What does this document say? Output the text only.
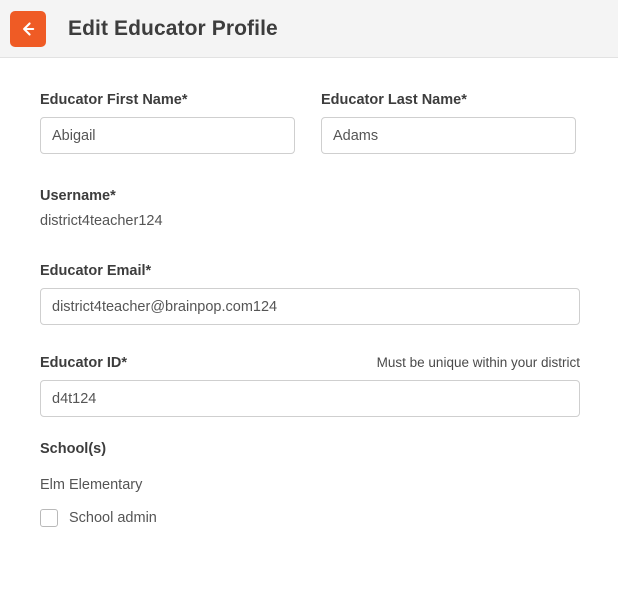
Edit Educator Profile
Educator First Name*
Abigail	Educator Last Name*
Adams
Username*
district4teacher124
Educator Email*
district4teacher@brainpop.com124
Educator ID*	Must be unique within your district
d4t124
School(s)
Elm Elementary
School admin
